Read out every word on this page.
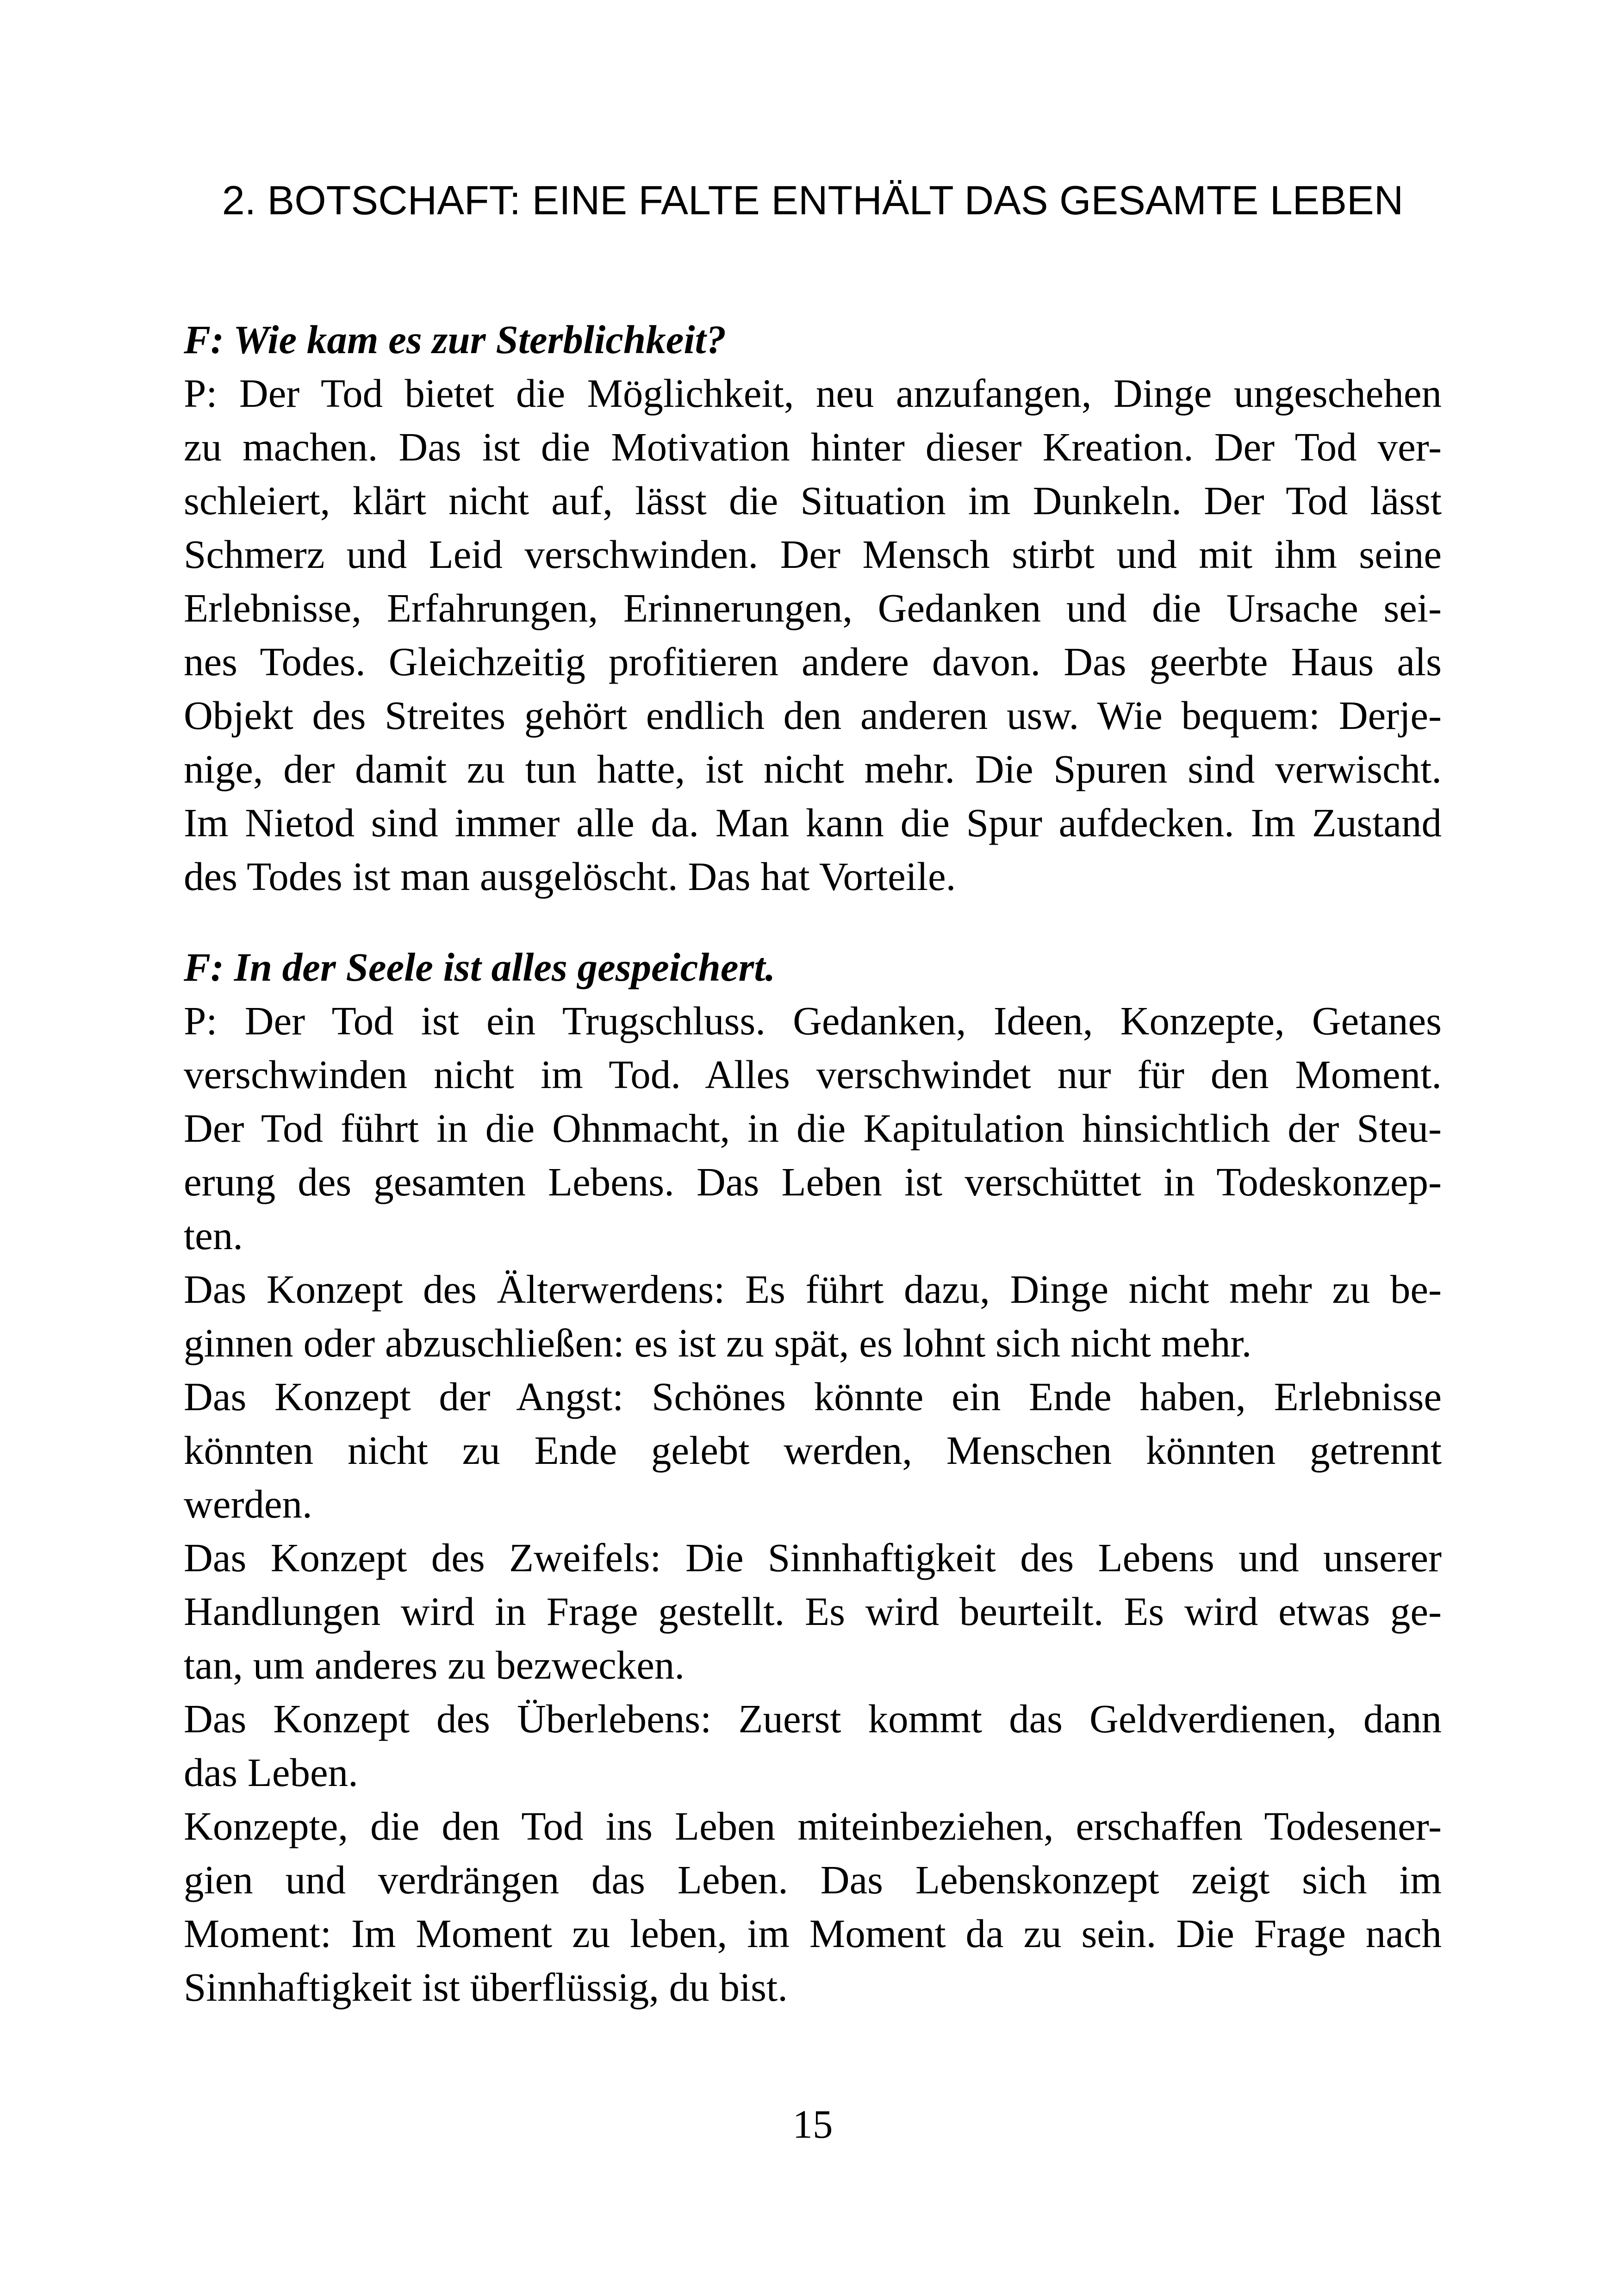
2. BOTSCHAFT: EINE FALTE ENTHÄLT DAS GESAMTE LEBEN
F: Wie kam es zur Sterblichkeit?
P: Der Tod bietet die Möglichkeit, neu anzufangen, Dinge ungeschehen
zu machen. Das ist die Motivation hinter dieser Kreation. Der Tod ver-
schleiert, klärt nicht auf, lässt die Situation im Dunkeln. Der Tod lässt
Schmerz und Leid verschwinden. Der Mensch stirbt und mit ihm seine
Erlebnisse, Erfahrungen, Erinnerungen, Gedanken und die Ursache sei-
nes Todes. Gleichzeitig profitieren andere davon. Das geerbte Haus als
Objekt des Streites gehört endlich den anderen usw. Wie bequem: Derje-
nige, der damit zu tun hatte, ist nicht mehr. Die Spuren sind verwischt.
Im Nietod sind immer alle da. Man kann die Spur aufdecken. Im Zustand
des Todes ist man ausgelöscht. Das hat Vorteile.
F: In der Seele ist alles gespeichert.
P: Der Tod ist ein Trugschluss. Gedanken, Ideen, Konzepte, Getanes
verschwinden nicht im Tod. Alles verschwindet nur für den Moment.
Der Tod führt in die Ohnmacht, in die Kapitulation hinsichtlich der Steu-
erung des gesamten Lebens. Das Leben ist verschüttet in Todeskonzep-
ten.
Das Konzept des Älterwerdens: Es führt dazu, Dinge nicht mehr zu be-
ginnen oder abzuschließen: es ist zu spät, es lohnt sich nicht mehr.
Das Konzept der Angst: Schönes könnte ein Ende haben, Erlebnisse
könnten nicht zu Ende gelebt werden, Menschen könnten getrennt
werden.
Das Konzept des Zweifels: Die Sinnhaftigkeit des Lebens und unserer
Handlungen wird in Frage gestellt. Es wird beurteilt. Es wird etwas ge-
tan, um anderes zu bezwecken.
Das Konzept des Überlebens: Zuerst kommt das Geldverdienen, dann
das Leben.
Konzepte, die den Tod ins Leben miteinbeziehen, erschaffen Todesener-
gien und verdrängen das Leben. Das Lebenskonzept zeigt sich im
Moment: Im Moment zu leben, im Moment da zu sein. Die Frage nach
Sinnhaftigkeit ist überflüssig, du bist.
15
